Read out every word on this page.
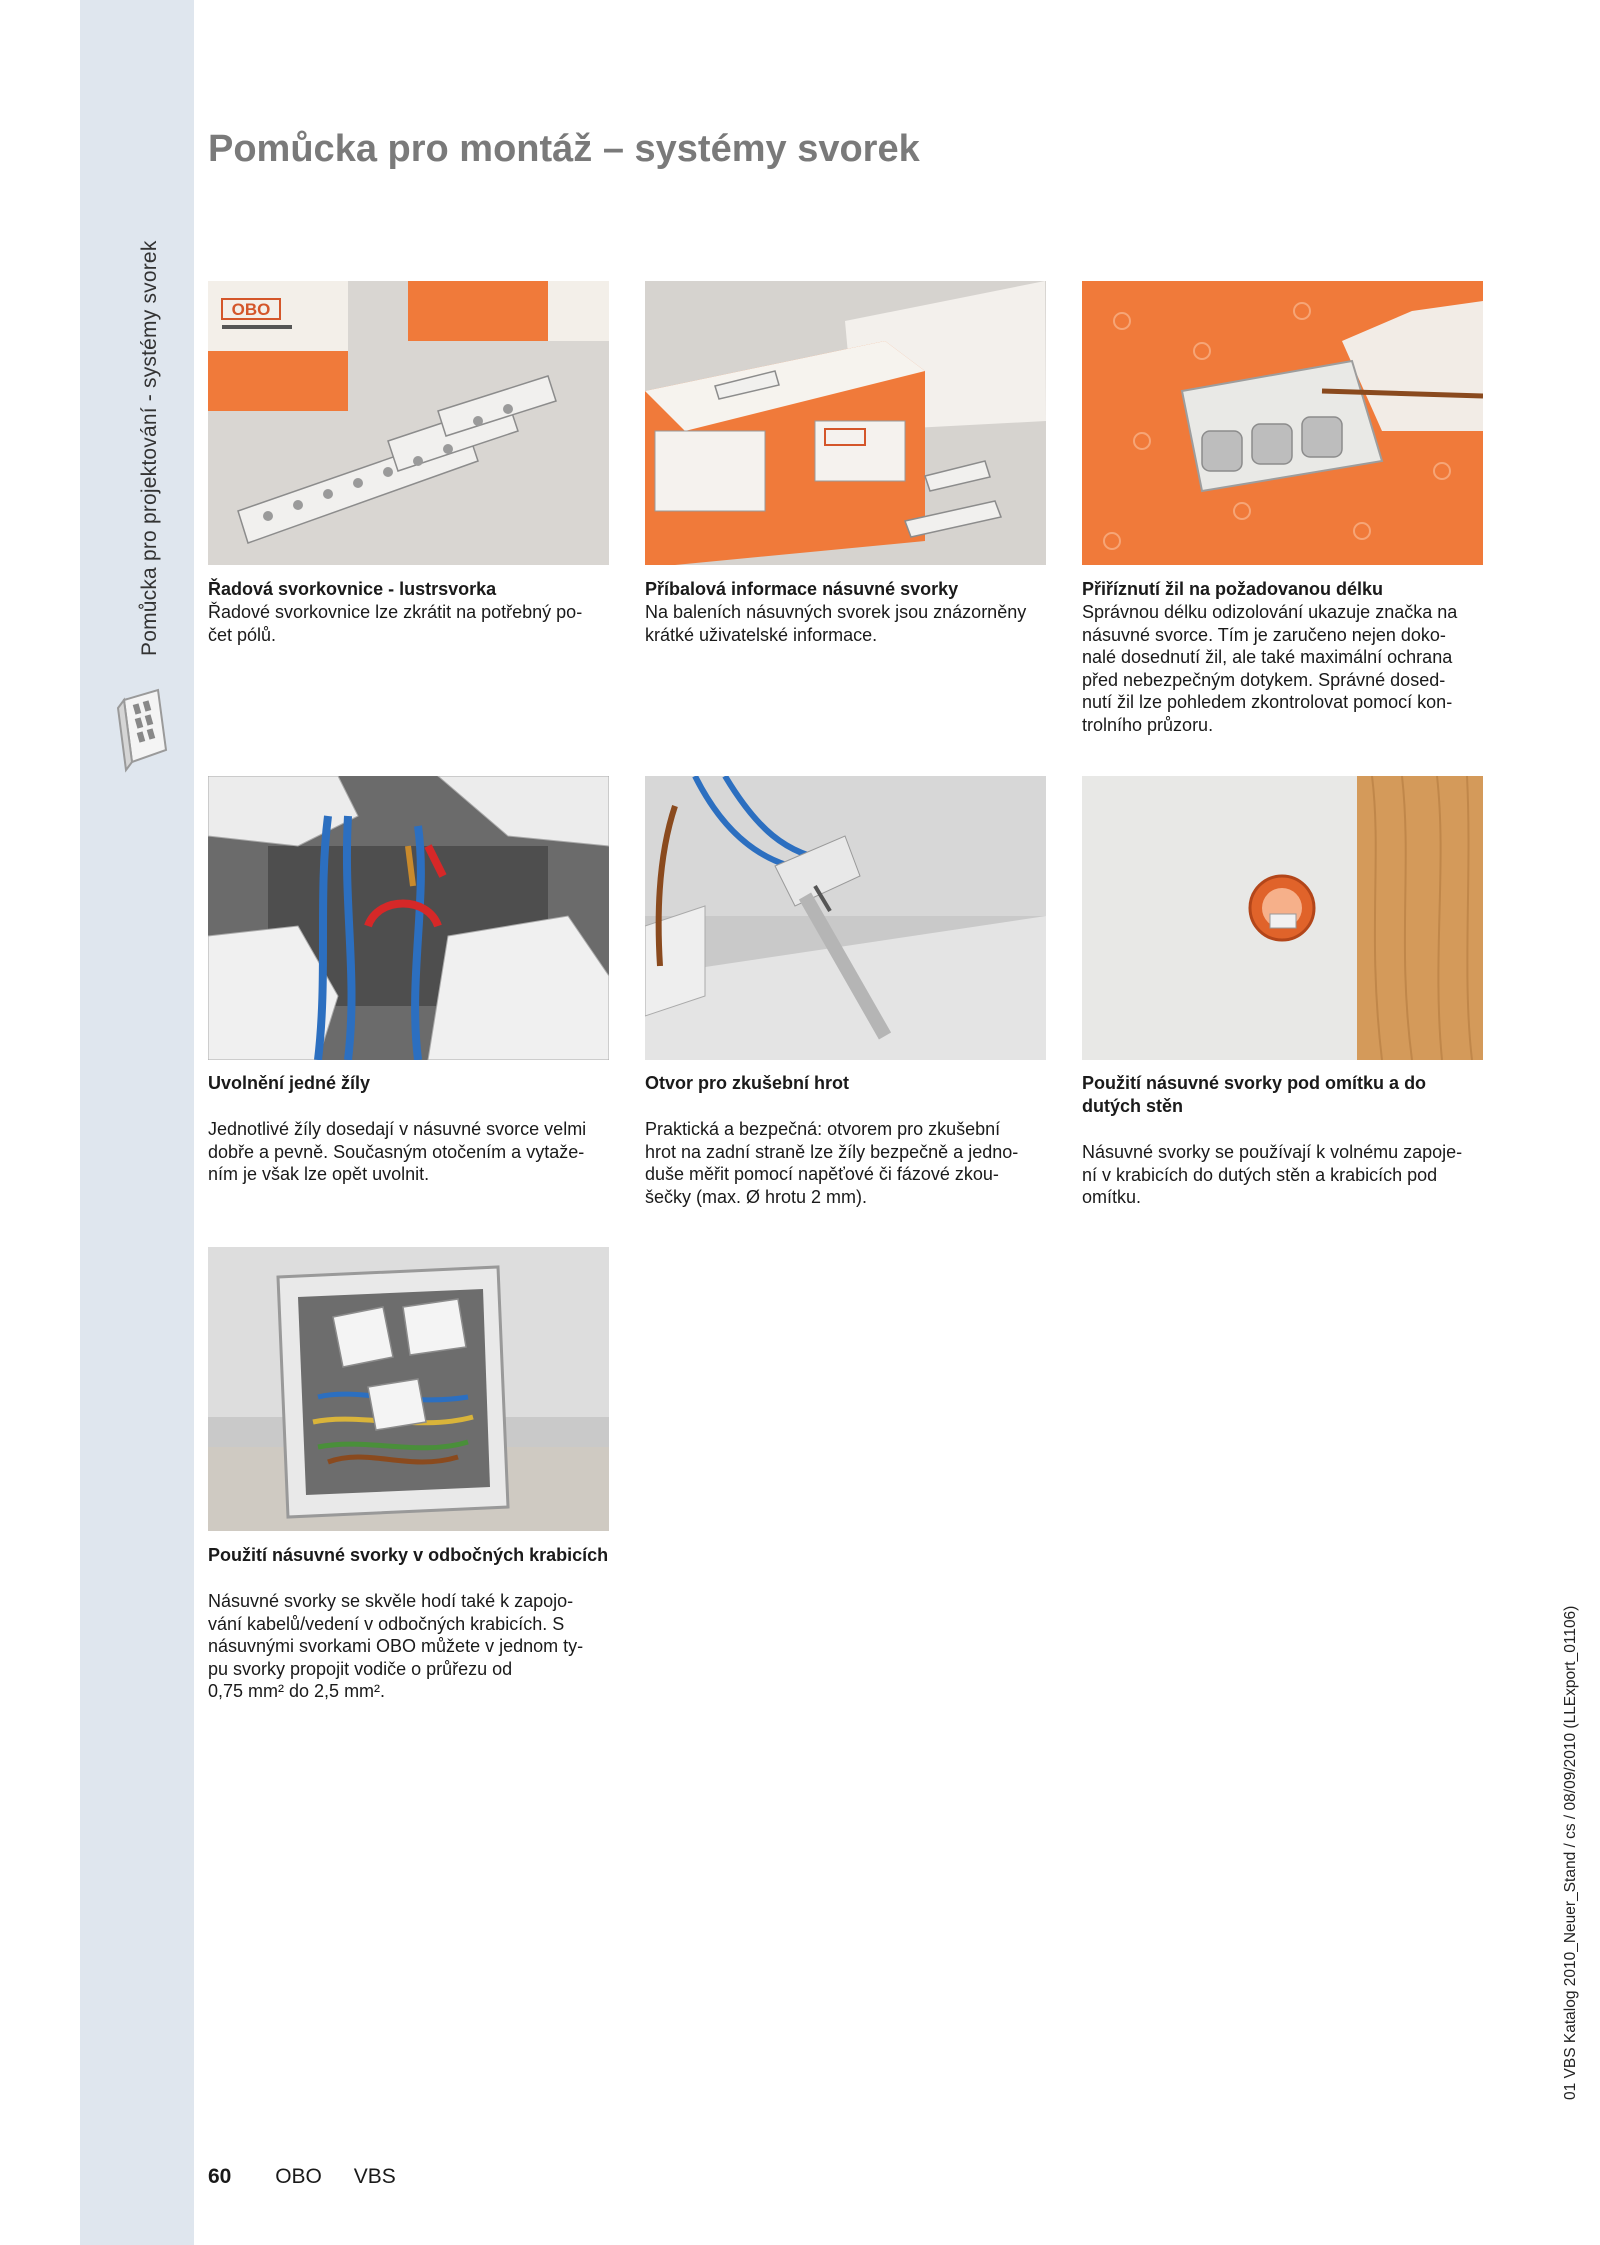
Pomůcka pro projektování - systémy svorek
Pomůcka pro montáž – systémy svorek
OBO
Řadová svorkovnice - lustrsvorka
Řadové svorkovnice lze zkrátit na potřebný po-
čet pólů.
Příbalová informace násuvné svorky
Na baleních násuvných svorek jsou znázorněny
krátké uživatelské informace.
Přiříznutí žil na požadovanou délku
Správnou délku odizolování ukazuje značka na
násuvné svorce. Tím je zaručeno nejen doko-
nalé dosednutí žil, ale také maximální ochrana
před nebezpečným dotykem. Správné dosed-
nutí žil lze pohledem zkontrolovat pomocí kon-
trolního průzoru.
Uvolnění jedné žíly
Jednotlivé žíly dosedají v násuvné svorce velmi
dobře a pevně. Současným otočením a vytaže-
ním je však lze opět uvolnit.
Otvor pro zkušební hrot
Praktická a bezpečná: otvorem pro zkušební
hrot na zadní straně lze žíly bezpečně a jedno-
duše měřit pomocí napěťové či fázové zkou-
šečky (max. Ø hrotu 2 mm).
Použití násuvné svorky pod omítku a do dutých stěn
Násuvné svorky se používají k volnému zapoje-
ní v krabicích do dutých stěn a krabicích pod
omítku.
Použití násuvné svorky v odbočných krabicích
Násuvné svorky se skvěle hodí také k zapojo-
vání kabelů/vedení v odbočných krabicích. S
násuvnými svorkami OBO můžete v jednom ty-
pu svorky propojit vodiče o průřezu od
0,75 mm² do 2,5 mm².
60 OBO VBS
01 VBS Katalog 2010_Neuer_Stand / cs / 08/09/2010 (LLExport_01106)
